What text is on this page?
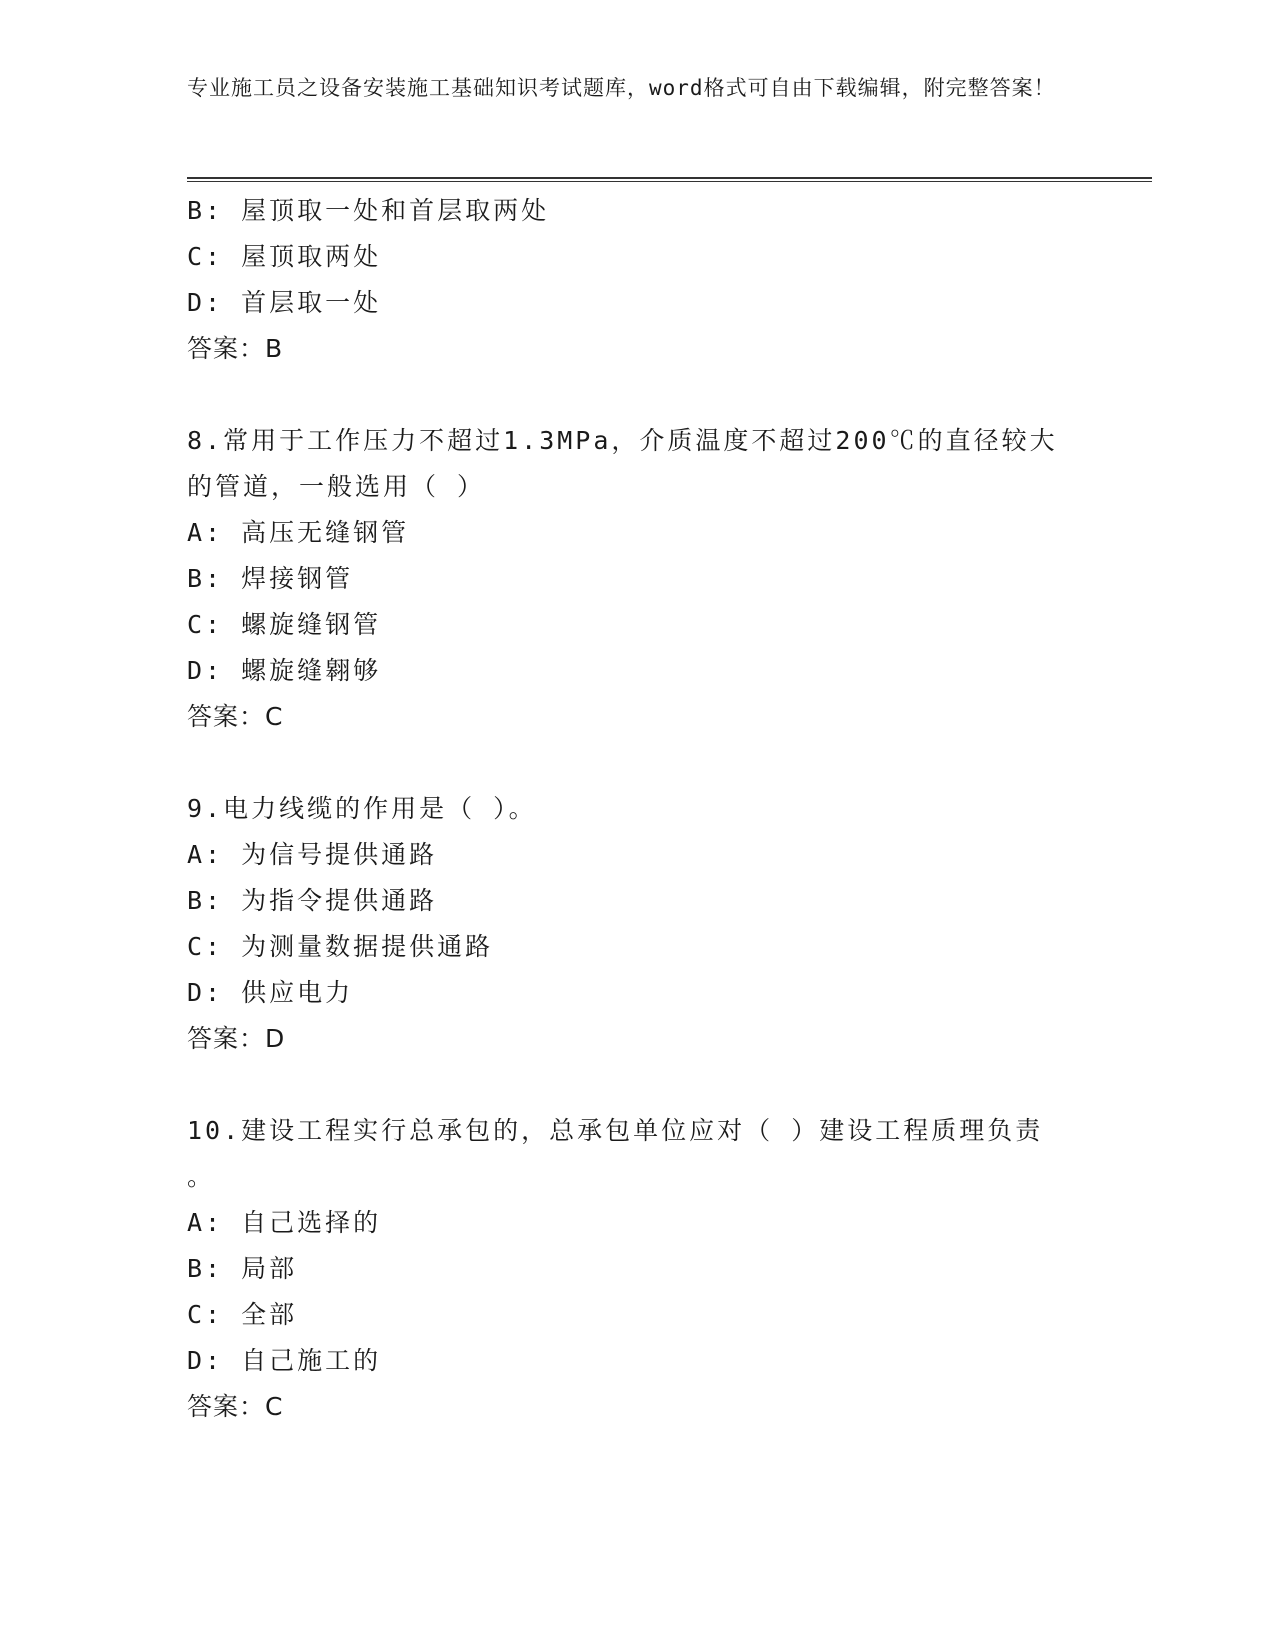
专业施工员之设备安装施工基础知识考试题库，word格式可自由下载编辑，附完整答案！
B: 屋顶取一处和首层取两处
C: 屋顶取两处
D: 首层取一处
答案：B
8.常用于工作压力不超过1.3MPa，介质温度不超过200℃的直径较大
的管道，一般选用（ ）
A: 高压无缝钢管
B: 焊接钢管
C: 螺旋缝钢管
D: 螺旋缝翱够
答案：C
9.电力线缆的作用是（ ）。
A: 为信号提供通路
B: 为指令提供通路
C: 为测量数据提供通路
D: 供应电力
答案：D
10.建设工程实行总承包的，总承包单位应对（ ）建设工程质理负责
。
A: 自己选择的
B: 局部
C: 全部
D: 自己施工的
答案：C
